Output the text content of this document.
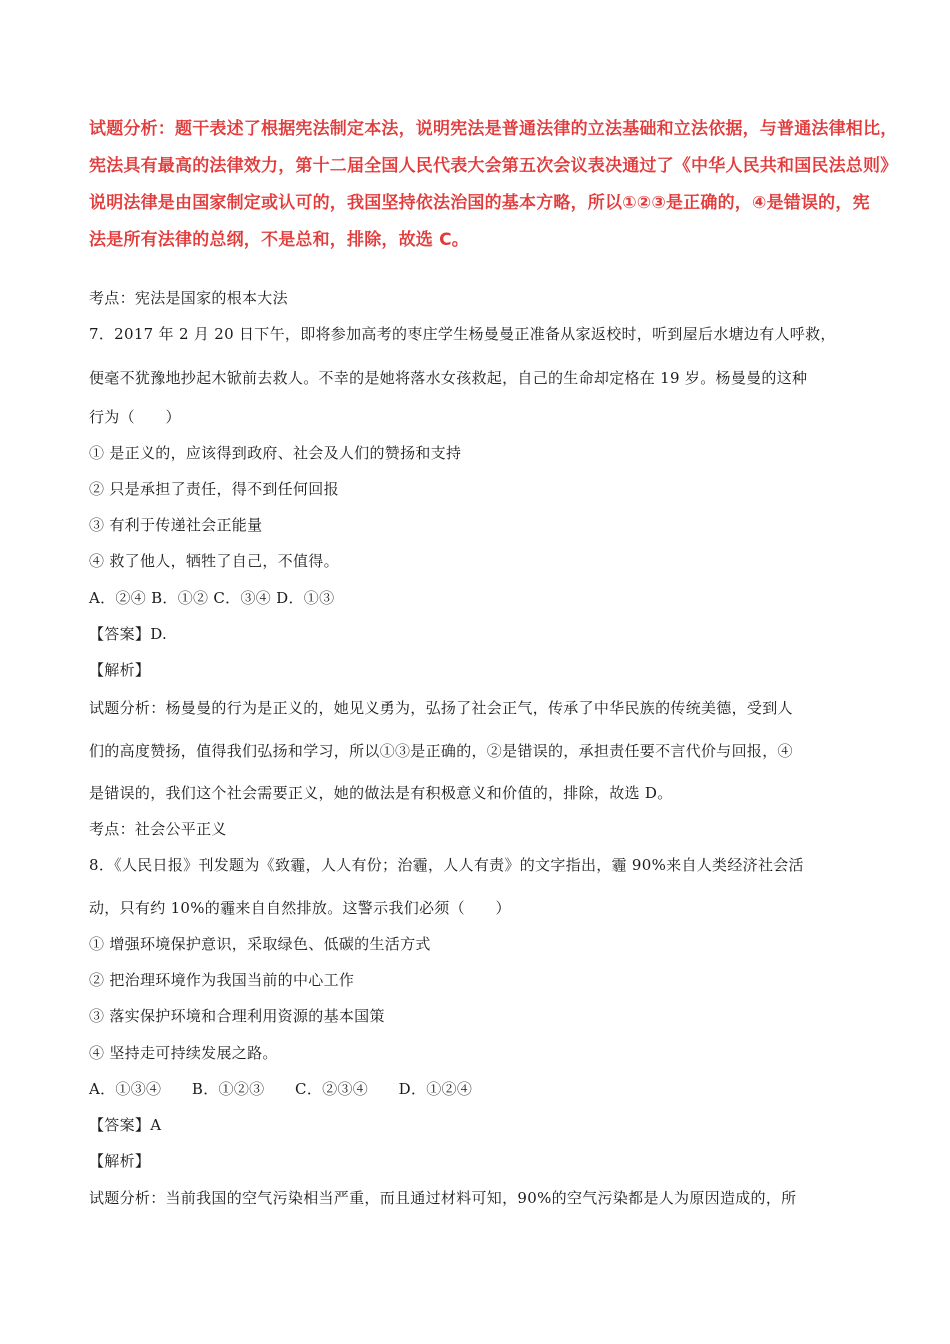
试题分析：题干表述了根据宪法制定本法，说明宪法是普通法律的立法基础和立法依据，与普通法律相比，
宪法具有最高的法律效力，第十二届全国人民代表大会第五次会议表决通过了《中华人民共和国民法总则》
说明法律是由国家制定或认可的，我国坚持依法治国的基本方略，所以①②③是正确的，④是错误的，宪
法是所有法律的总纲，不是总和，排除，故选 C。
考点：宪法是国家的根本大法
7．2017 年 2 月 20 日下午，即将参加高考的枣庄学生杨曼曼正准备从家返校时，听到屋后水塘边有人呼救，
便毫不犹豫地抄起木锨前去救人。不幸的是她将落水女孩救起，自己的生命却定格在 19 岁。杨曼曼的这种
行为（　　）
① 是正义的，应该得到政府、社会及人们的赞扬和支持
② 只是承担了责任，得不到任何回报
③ 有利于传递社会正能量
④ 救了他人，牺牲了自己，不值得。
A．②④ B．①② C．③④ D．①③
【答案】D.
【解析】
试题分析：杨曼曼的行为是正义的，她见义勇为，弘扬了社会正气，传承了中华民族的传统美德，受到人
们的高度赞扬，值得我们弘扬和学习，所以①③是正确的，②是错误的，承担责任要不言代价与回报，④
是错误的，我们这个社会需要正义，她的做法是有积极意义和价值的，排除，故选 D。
考点：社会公平正义
8．《人民日报》刊发题为《致霾，人人有份；治霾，人人有责》的文字指出，霾 90%来自人类经济社会活
动，只有约 10%的霾来自自然排放。这警示我们必须（　　）
① 增强环境保护意识，采取绿色、低碳的生活方式
② 把治理环境作为我国当前的中心工作
③ 落实保护环境和合理利用资源的基本国策
④ 坚持走可持续发展之路。
A．①③④　　B．①②③　　C．②③④　　D．①②④
【答案】A
【解析】
试题分析：当前我国的空气污染相当严重，而且通过材料可知，90%的空气污染都是人为原因造成的，所
